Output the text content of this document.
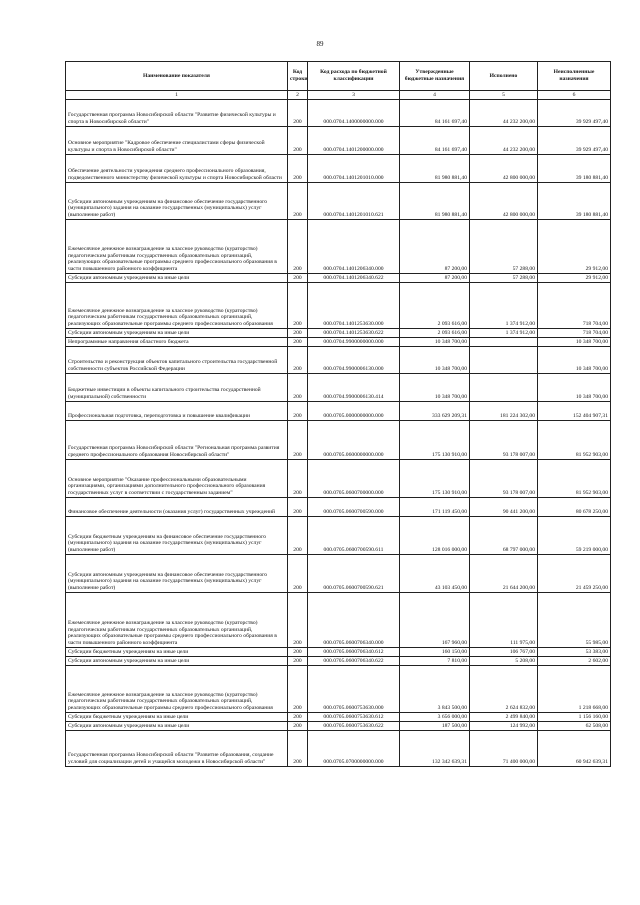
89
Наименование показателя	Код строки	Код расхода по бюджетной классификации	Утвержденные бюджетные назначения	Исполнено	Неисполненные назначения
1	2	3	4	5	6
Государственная программа Новосибирской области "Развитие физической культуры и спорта в Новосибирской области"	200	000.0704.1400000000.000	84 161 697,40	44 232 200,00	39 929 497,40
Основное мероприятие "Кадровое обеспечение специалистами сферы физической культуры и спорта в Новосибирской области"	200	000.0704.1401200000.000	84 161 697,40	44 232 200,00	39 929 497,40
Обеспечение деятельности учреждения среднего профессионального образования, подведомственного министерству физической культуры и спорта Новосибирской области	200	000.0704.1401201010.000	81 980 881,40	42 800 000,00	39 180 881,40
Субсидии автономным учреждениям на финансовое обеспечение государственного (муниципального) задания на оказание государственных (муниципальных) услуг (выполнение работ)	200	000.0704.1401201010.621	81 980 881,40	42 800 000,00	39 180 881,40
Ежемесячное денежное вознаграждение за классное руководство (кураторство) педагогическим работникам государственных образовательных организаций, реализующих образовательные программы среднего профессионального образования в части повышенного районного коэффициента	200	000.0704.1401206340.000	87 200,00	57 288,00	29 912,00
Субсидии автономным учреждениям на иные цели	200	000.0704.1401206340.622	87 200,00	57 288,00	29 912,00
Ежемесячное денежное вознаграждение за классное руководство (кураторство) педагогическим работникам государственных образовательных организаций, реализующих образовательные программы среднего профессионального образования	200	000.0704.1401253630.000	2 093 616,00	1 374 912,00	718 704,00
Субсидии автономным учреждениям на иные цели	200	000.0704.1401253630.622	2 093 616,00	1 374 912,00	718 704,00
Непрограммные направления областного бюджета	200	000.0704.9900000000.000	10 348 700,00		10 348 700,00
Строительство и реконструкция объектов капитального строительства государственной собственности субъектов Российской Федерации	200	000.0704.9900006130.000	10 348 700,00		10 348 700,00
Бюджетные инвестиции в объекты капитального строительства государственной (муниципальной) собственности	200	000.0704.9900006130.414	10 348 700,00		10 348 700,00
Профессиональная подготовка, переподготовка и повышение квалификации	200	000.0705.0000000000.000	333 629 209,31	181 224 302,00	152 404 907,31
Государственная программа Новосибирской области "Региональная программа развития среднего профессионального образования Новосибирской области"	200	000.0705.0600000000.000	175 130 910,00	93 178 007,00	81 952 903,00
Основное мероприятие "Оказание профессиональными образовательными организациями, организациями дополнительного профессионального образования государственных услуг в соответствии с государственным заданием"	200	000.0705.0600700000.000	175 130 910,00	93 178 007,00	81 952 903,00
Финансовое обеспечение деятельности (оказания услуг) государственных учреждений	200	000.0705.0600700590.000	171 119 450,00	90 441 200,00	80 678 250,00
Субсидии бюджетным учреждениям на финансовое обеспечение государственного (муниципального) задания на оказание государственных (муниципальных) услуг (выполнение работ)	200	000.0705.0600700590.611	128 016 000,00	68 797 000,00	59 219 000,00
Субсидии автономным учреждениям на финансовое обеспечение государственного (муниципального) задания на оказание государственных (муниципальных) услуг (выполнение работ)	200	000.0705.0600700590.621	43 103 450,00	21 644 200,00	21 459 250,00
Ежемесячное денежное вознаграждение за классное руководство (кураторство) педагогическим работникам государственных образовательных организаций, реализующих образовательные программы среднего профессионального образования в части повышенного районного коэффициента	200	000.0705.0600706340.000	167 960,00	111 975,00	55 985,00
Субсидии бюджетным учреждениям на иные цели	200	000.0705.0600706340.612	160 150,00	106 767,00	53 383,00
Субсидии автономным учреждениям на иные цели	200	000.0705.0600706340.622	7 810,00	5 208,00	2 602,00
Ежемесячное денежное вознаграждение за классное руководство (кураторство) педагогическим работникам государственных образовательных организаций, реализующих образовательные программы среднего профессионального образования	200	000.0705.0600753630.000	3 843 500,00	2 624 832,00	1 218 668,00
Субсидии бюджетным учреждениям на иные цели	200	000.0705.0600753630.612	3 656 000,00	2 499 840,00	1 156 160,00
Субсидии автономным учреждениям на иные цели	200	000.0705.0600753630.622	187 500,00	124 992,00	62 508,00
Государственная программа Новосибирской области "Развитие образования, создание условий для социализации детей и учащейся молодежи в Новосибирской области"	200	000.0705.0700000000.000	132 342 639,31	71 400 000,00	60 942 639,31
